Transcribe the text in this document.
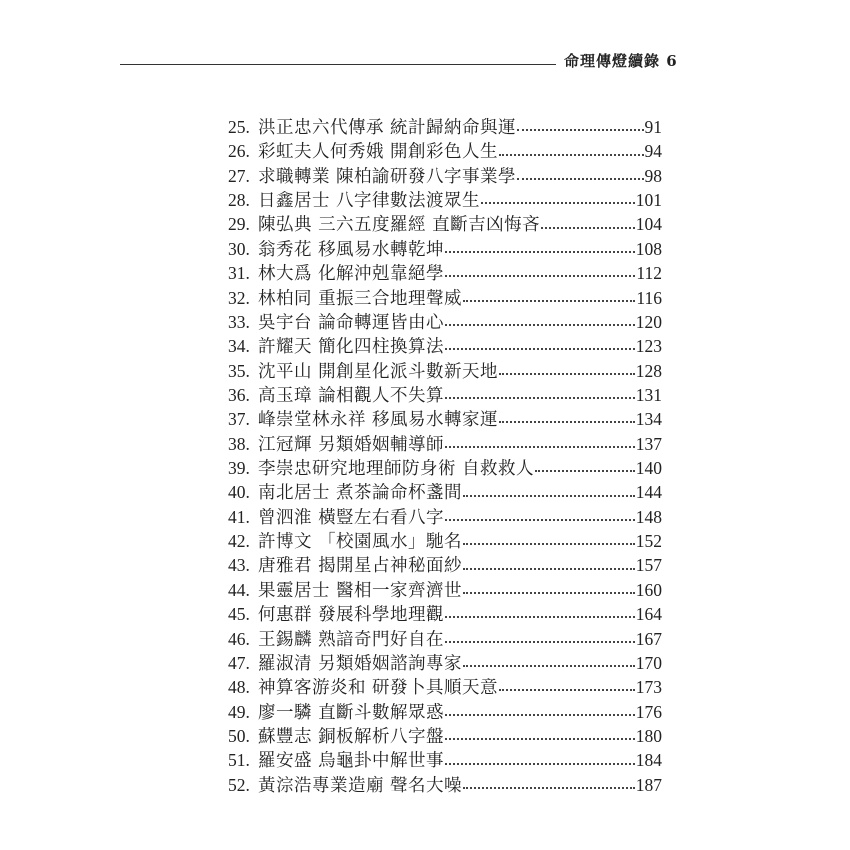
命理傳燈續錄 6
25. 洪正忠六代傳承 統計歸納命與運	91
26. 彩虹夫人何秀娥 開創彩色人生	94
27. 求職轉業 陳柏諭研發八字事業學	98
28. 日鑫居士 八字律數法渡眾生	101
29. 陳弘典 三六五度羅經 直斷吉凶悔吝	104
30. 翁秀花 移風易水轉乾坤	108
31. 林大爲 化解沖剋靠絕學	112
32. 林柏同 重振三合地理聲威	116
33. 吳宇台 論命轉運皆由心	120
34. 許耀天 簡化四柱換算法	123
35. 沈平山 開創星化派斗數新天地	128
36. 高玉璋 論相觀人不失算	131
37. 峰崇堂林永祥 移風易水轉家運	134
38. 江冠輝 另類婚姻輔導師	137
39. 李崇忠研究地理師防身術 自救救人	140
40. 南北居士 煮茶論命杯盞間	144
41. 曾泗淮 橫豎左右看八字	148
42. 許博文 「校園風水」馳名	152
43. 唐雅君 揭開星占神秘面紗	157
44. 果靈居士 醫相一家齊濟世	160
45. 何惠群 發展科學地理觀	164
46. 王錫麟 熟諳奇門好自在	167
47. 羅淑清 另類婚姻諮詢專家	170
48. 神算客游炎和 研發卜具順天意	173
49. 廖一驎 直斷斗數解眾惑	176
50. 蘇豐志 銅板解析八字盤	180
51. 羅安盛 烏龜卦中解世事	184
52. 黃淙浩專業造廟 聲名大噪	187
